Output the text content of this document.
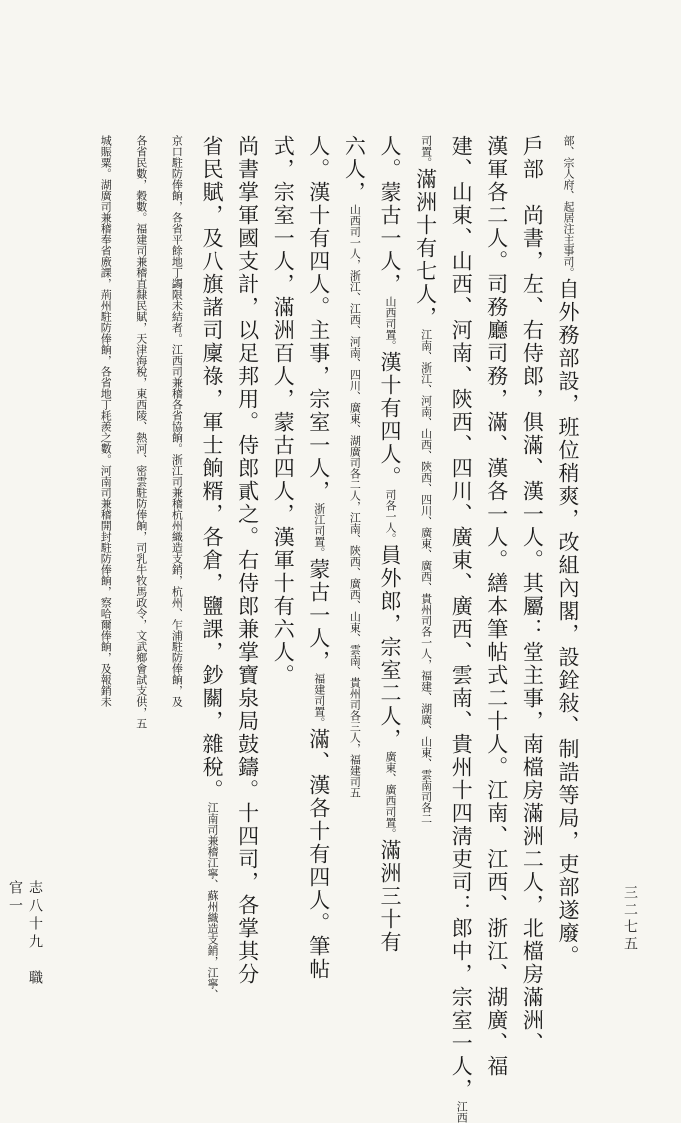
部、宗人府、起居注主事司。自外務部設，班位稍爽，改組內閣，設銓敍、制誥等局，吏部遂廢。
戶部　尚書，左、右侍郎，俱滿、漢一人。其屬：堂主事，南檔房滿洲二人，北檔房滿洲、
漢軍各二人。司務廳司務，滿、漢各一人。繕本筆帖式二十人。江南、江西、浙江、湖廣、福
建、山東、山西、河南、陝西、四川、廣東、廣西、雲南、貴州十四淸吏司：郎中，宗室一人，江西
司置。滿洲十有七人，江南、浙江、河南、山西、陝西、四川、廣東、廣西、貴州司各一人，福建、湖廣、山東、雲南司各二
人。蒙古一人，山西司置。漢十有四人。司各一人。員外郎，宗室二人，廣東、廣西司置。滿洲三十有
六人，山西司一人，浙江、江西、河南、四川、廣東、湖廣司各二人，江南、陝西、廣西、山東、雲南、貴州司各三人，福建司五
人。漢十有四人。主事，宗室一人，浙江司置。蒙古一人，福建司置。滿、漢各十有四人。筆帖
式，宗室一人，滿洲百人，蒙古四人，漢軍十有六人。
尚書掌軍國支計，以足邦用。侍郎貳之。右侍郎兼掌寶泉局鼓鑄。十四司，各掌其分
省民賦，及八旗諸司廩祿，軍士餉糈，各倉，鹽課，鈔關，雜稅。江南司兼稽江寧、蘇州織造支銷，江寧、
京口駐防俸餉，各省平餘地丁蠲限未結者。江西司兼稽各省協餉。浙江司兼稽杭州織造支銷，杭州、乍浦駐防俸餉，及
各省民數，穀數。福建司兼稽直隸民賦，天津海稅，東西陵、熱河、密雲駐防俸餉，司乳牛牧馬政令，文武鄉會試支供，五
城賑粟。湖廣司兼稽奉省廒課，荊州駐防俸餉，各省地丁耗羨之數。河南司兼稽開封駐防俸餉，察哈爾俸餉，及報銷未
志八十九　職官一	三二七五
